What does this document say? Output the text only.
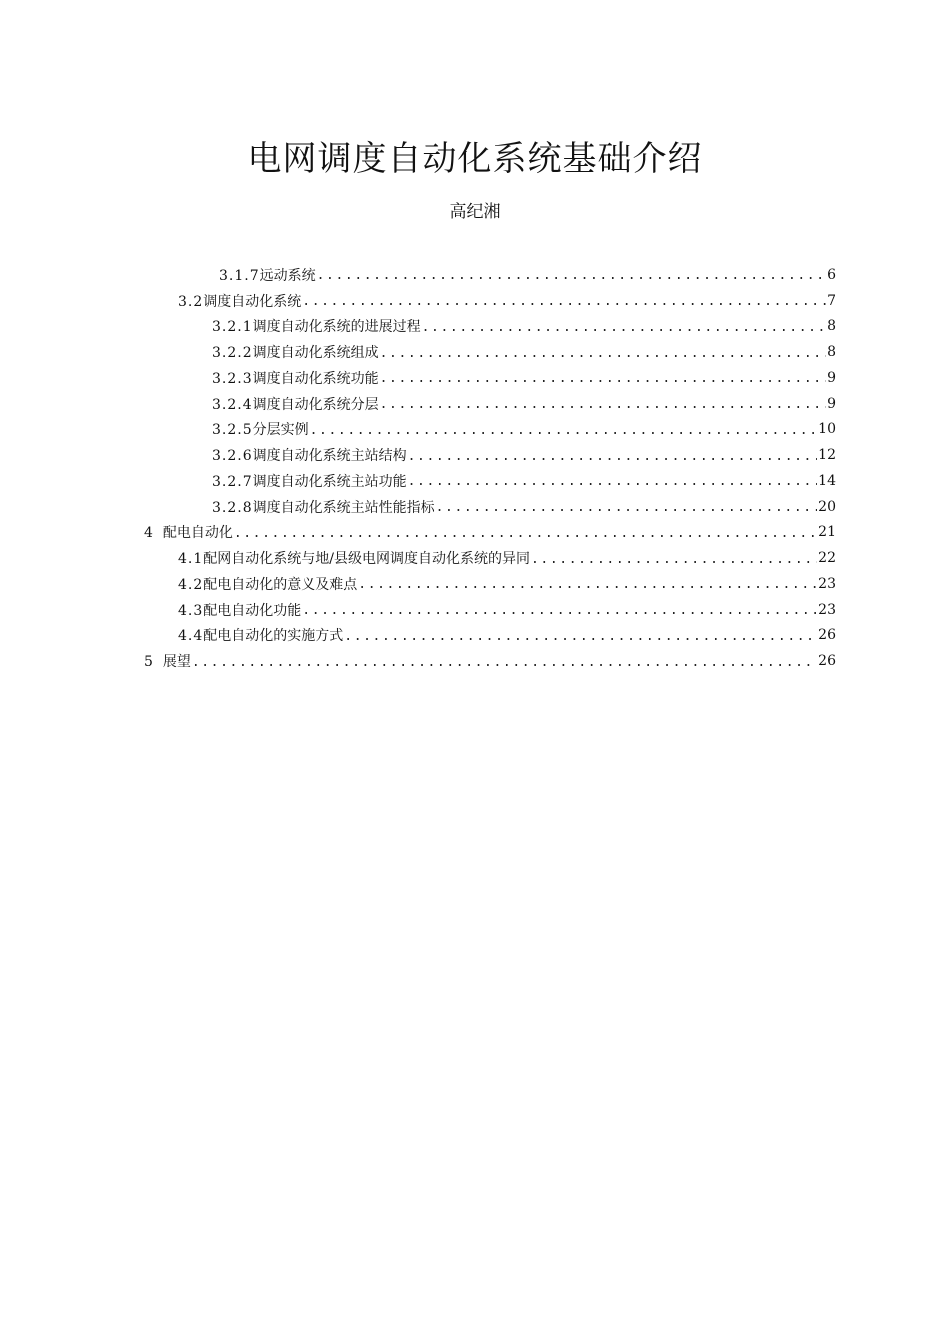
电网调度自动化系统基础介绍
高纪湘
3.1.7远动系统 .....	6
3.2调度自动化系统 .....	7
3.2.1调度自动化系统的进展过程 .....	8
3.2.2调度自动化系统组成 .....	8
3.2.3调度自动化系统功能 .....	9
3.2.4调度自动化系统分层 .....	9
3.2.5分层实例 .....	10
3.2.6调度自动化系统主站结构 .....	12
3.2.7调度自动化系统主站功能 .....	14
3.2.8调度自动化系统主站性能指标 .....	20
4 配电自动化 .....	21
4.1配网自动化系统与地/县级电网调度自动化系统的异同 .....	22
4.2配电自动化的意义及难点 .....	23
4.3配电自动化功能 .....	23
4.4配电自动化的实施方式 .....	26
5 展望 .....	26
